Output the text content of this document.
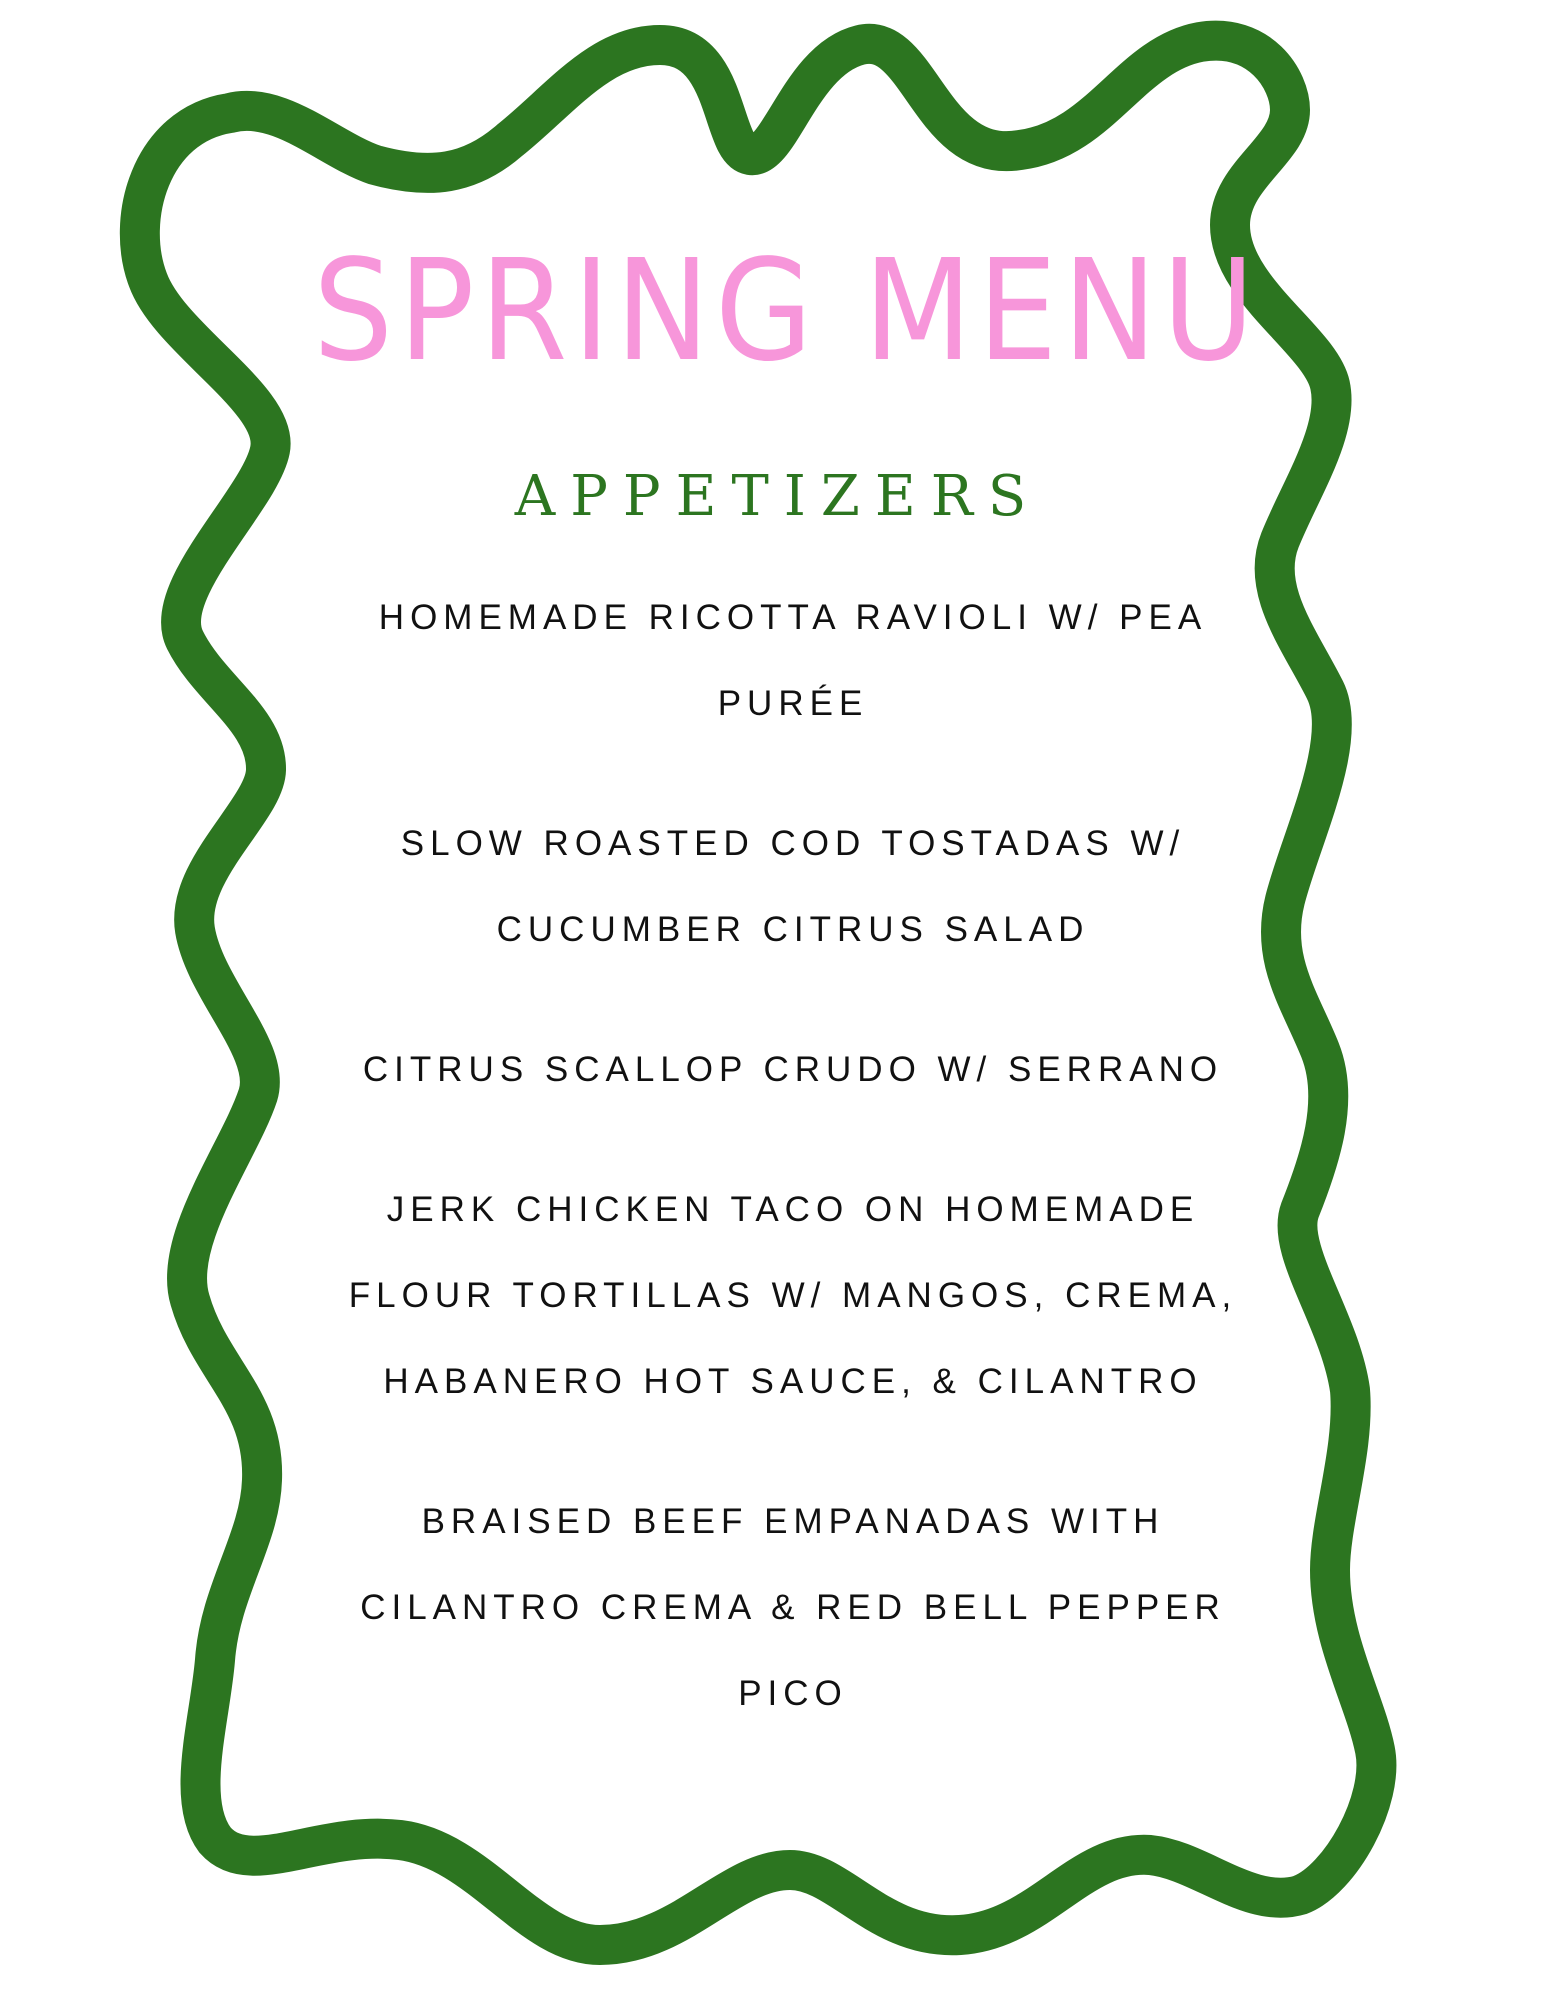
SPRING MENU
APPETIZERS

HOMEMADE RICOTTA RAVIOLI W/ PEA PURÉE

SLOW ROASTED COD TOSTADAS W/ CUCUMBER CITRUS SALAD

CITRUS SCALLOP CRUDO W/ SERRANO

JERK CHICKEN TACO ON HOMEMADE FLOUR TORTILLAS W/ MANGOS, CREMA, HABANERO HOT SAUCE, & CILANTRO

BRAISED BEEF EMPANADAS WITH CILANTRO CREMA & RED BELL PEPPER PICO
